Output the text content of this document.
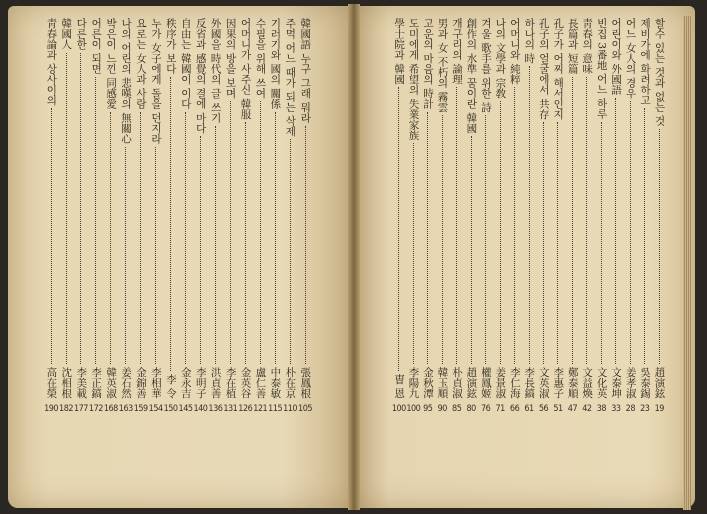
韓國語 누구 그래 뭐라
張鳳根
105
주먹 어느 때가 되는 삭제
朴在京
110
기러기와 國의 關係
中泰敏
115
수필을 위해 쓰여
盧仁善
121
어머니가 사주신 韓服
金英谷
126
因果의 방을 보며
李在植
131
外國을 時代의 글 쓰기
洪貞善
136
反省과 感覺의 결에 마다
李明子
140
自由는 韓國이 이다
金永吉
145
秩序가 보다
李 令
150
누가 女子에게 돌을 던지라
李相華
154
요로는 女人과 사람
金錦善
159
나의 어린의 悲嘆의 無關心
姜石然
163
박은이 느낀 同感愛
韓英淑
168
어른이 되면
李正鎬
172
다른한
李美載
177
韓國人
沈相根
182
靑春論과 상사이의
高在榮
190
할수 있는 것과 없는 것
趙演鉉
19
제비가에 화려하고
吳泰錫
23
어느 女人의 경우
姜孝淑
28
어린이와 外國語
文泰坤
33
빈집 3番地 어느 하루
文化英
38
靑春의 意味
文益煥
42
長篇과 短篇
鄭泰順
47
孔子가 어찌 해서인지
李惠子
51
孔子의 얼굴에서 共存
文英淑
56
하나의 時
李長鎬
61
어머니와 純粹
李仁海
66
나의 文學과 宗敎
姜景淑
71
겨울 歌手를 위한 詩
權鳳姬
76
創作의 水準 꿈이란 韓國
趙演鉉
80
개구리의 論理
朴貞淑
85
男과 女 不朽의 霧雲
韓玉順
90
고운의 마음의 時計
金秋潭
95
도미에게 希望의 失業家族
李陽九
100
學士院과 韓國
曺 恩
100
